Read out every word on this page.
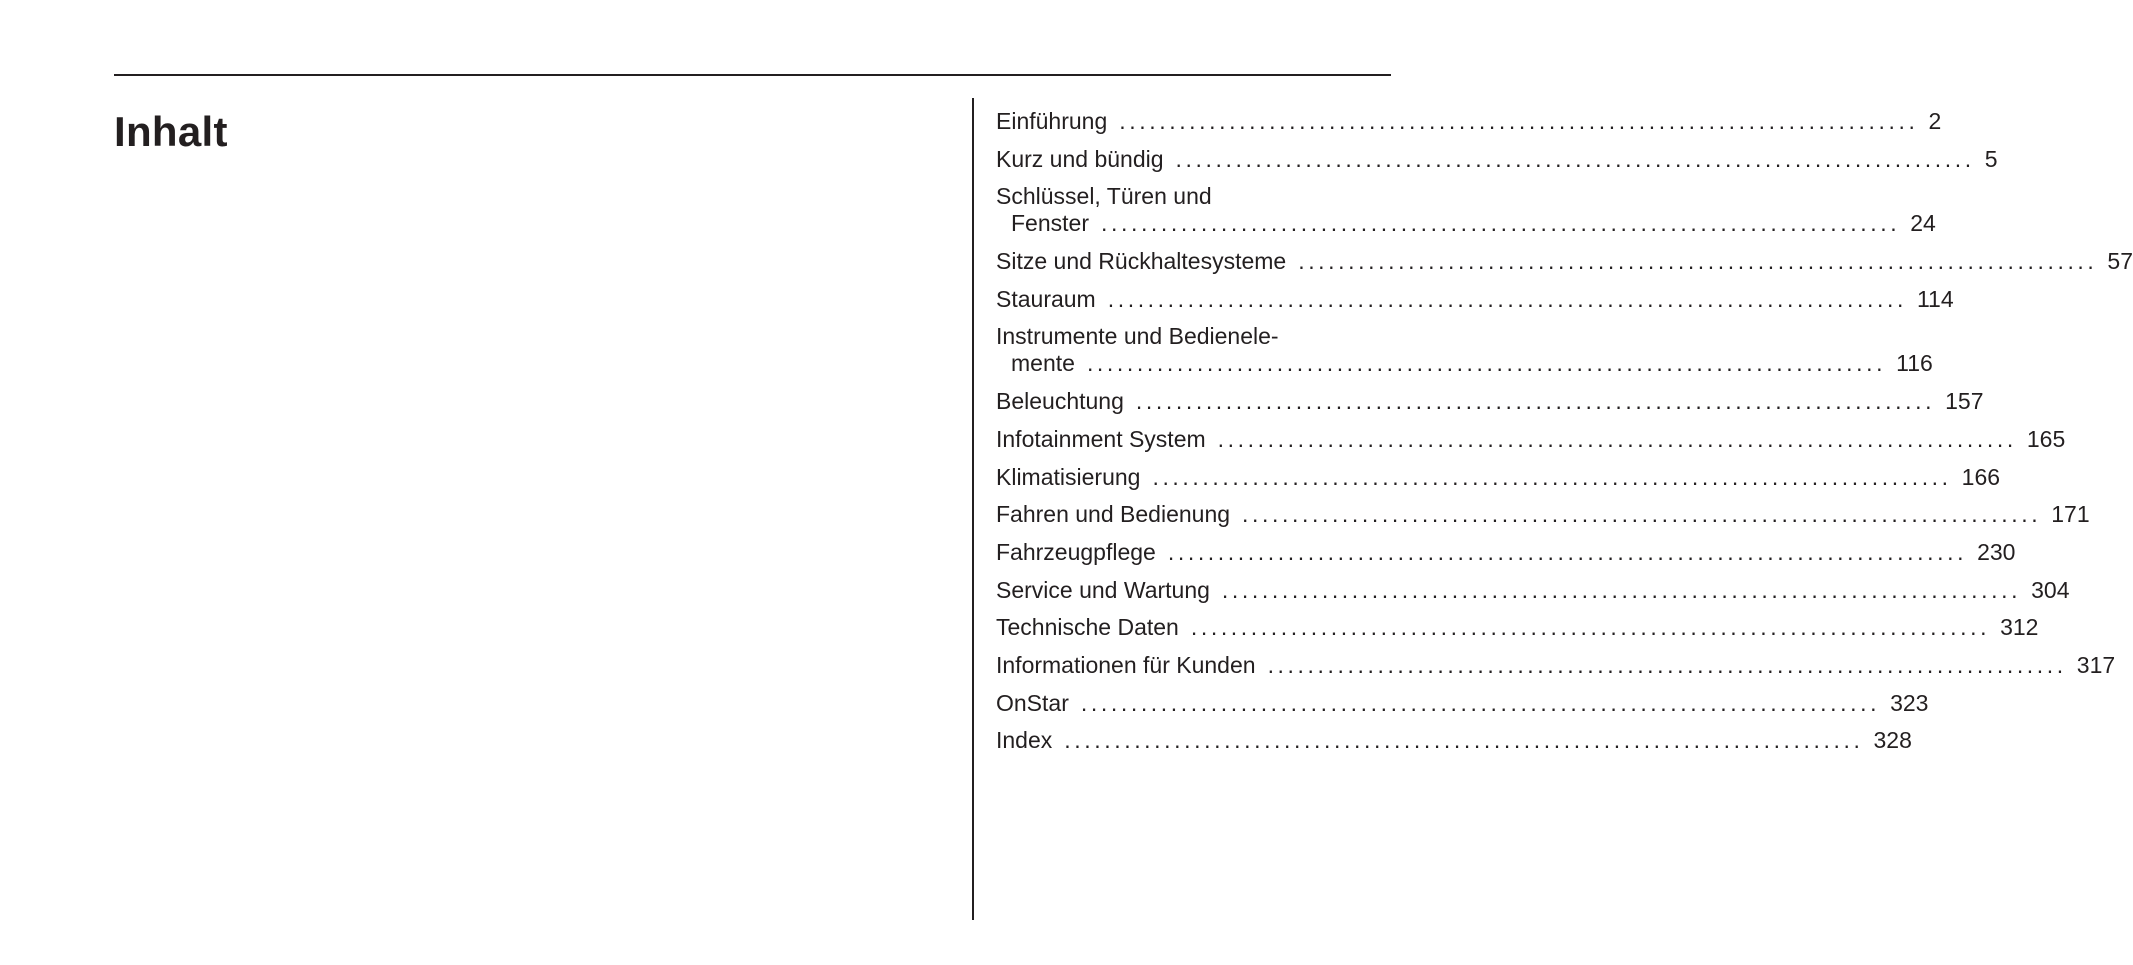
Inhalt	Einführung ................................................................................ 2
Kurz und bündig ................................................................................ 5
Schlüssel, Türen und
Fenster ................................................................................ 24
Sitze und Rückhaltesysteme ................................................................................ 57
Stauraum ................................................................................ 114
Instrumente und Bedienele-
mente ................................................................................ 116
Beleuchtung ................................................................................ 157
Infotainment System ................................................................................ 165
Klimatisierung ................................................................................ 166
Fahren und Bedienung ................................................................................ 171
Fahrzeugpflege ................................................................................ 230
Service und Wartung ................................................................................ 304
Technische Daten ................................................................................ 312
Informationen für Kunden ................................................................................ 317
OnStar ................................................................................ 323
Index ................................................................................ 328
